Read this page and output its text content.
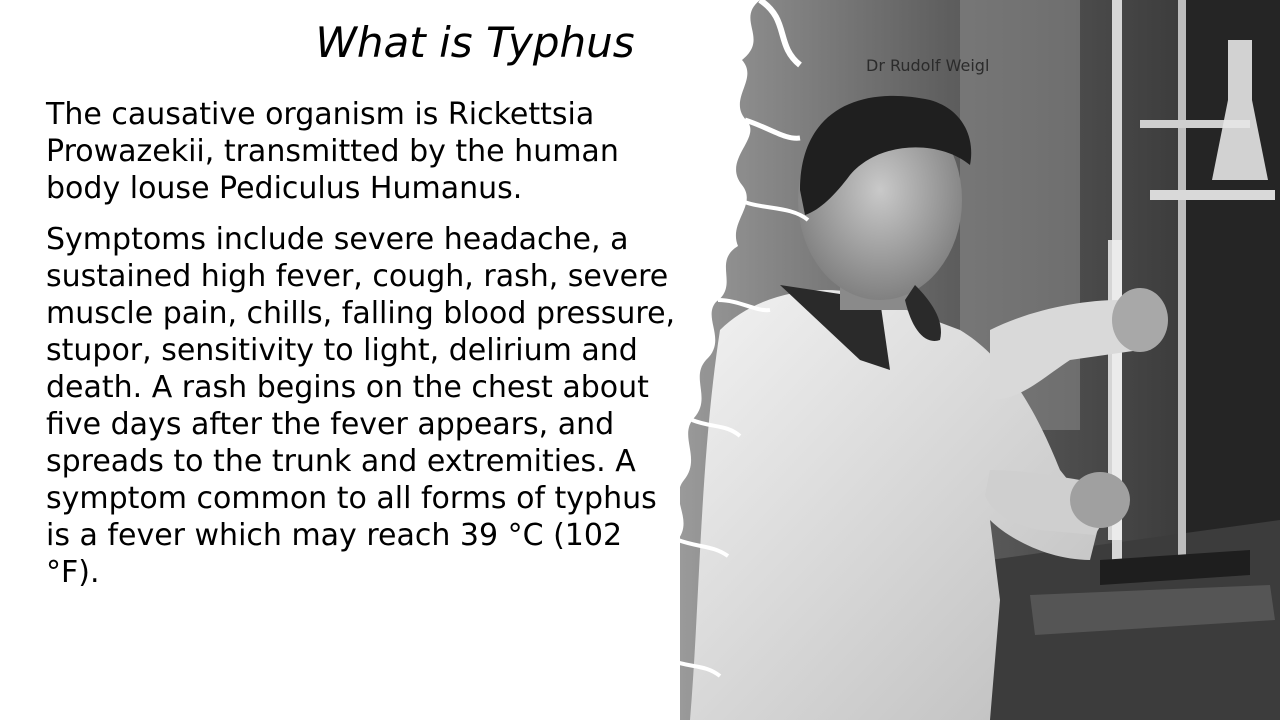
What is Typhus	Dr Rudolf Weigl

The causative organism is Rickettsia Prowazekii, transmitted by the human body louse Pediculus Humanus.

Symptoms include severe headache, a sustained high fever, cough, rash, severe muscle pain, chills, falling blood pressure, stupor, sensitivity to light, delirium and death. A rash begins on the chest about five days after the fever appears, and spreads to the trunk and extremities. A symptom common to all forms of typhus is a fever which may reach 39 °C (102 °F).
